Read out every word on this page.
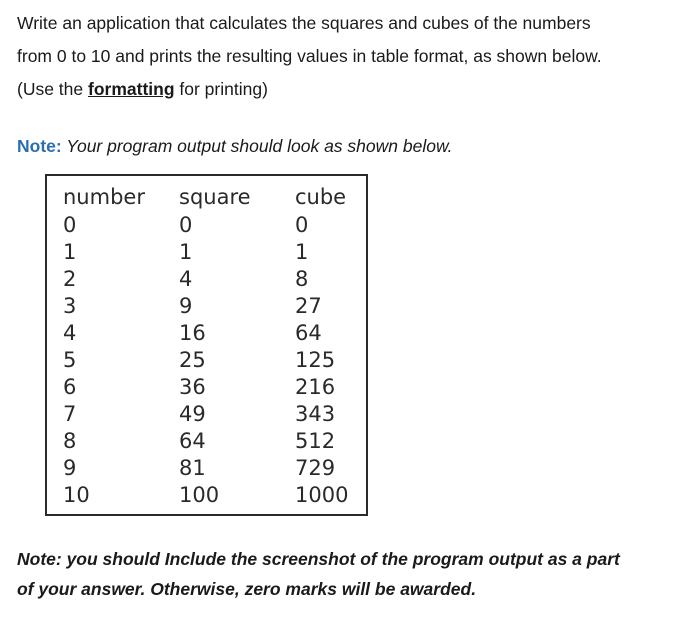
Write an application that calculates the squares and cubes of the numbers

from 0 to 10 and prints the resulting values in table format, as shown below.

(Use the formatting for printing)

Note: Your program output should look as shown below.
number	square	cube
0	0	0
1	1	1
2	4	8
3	9	27
4	16	64
5	25	125
6	36	216
7	49	343
8	64	512
9	81	729
10	100	1000
Note: you should Include the screenshot of the program output as a part
of your answer. Otherwise, zero marks will be awarded.
